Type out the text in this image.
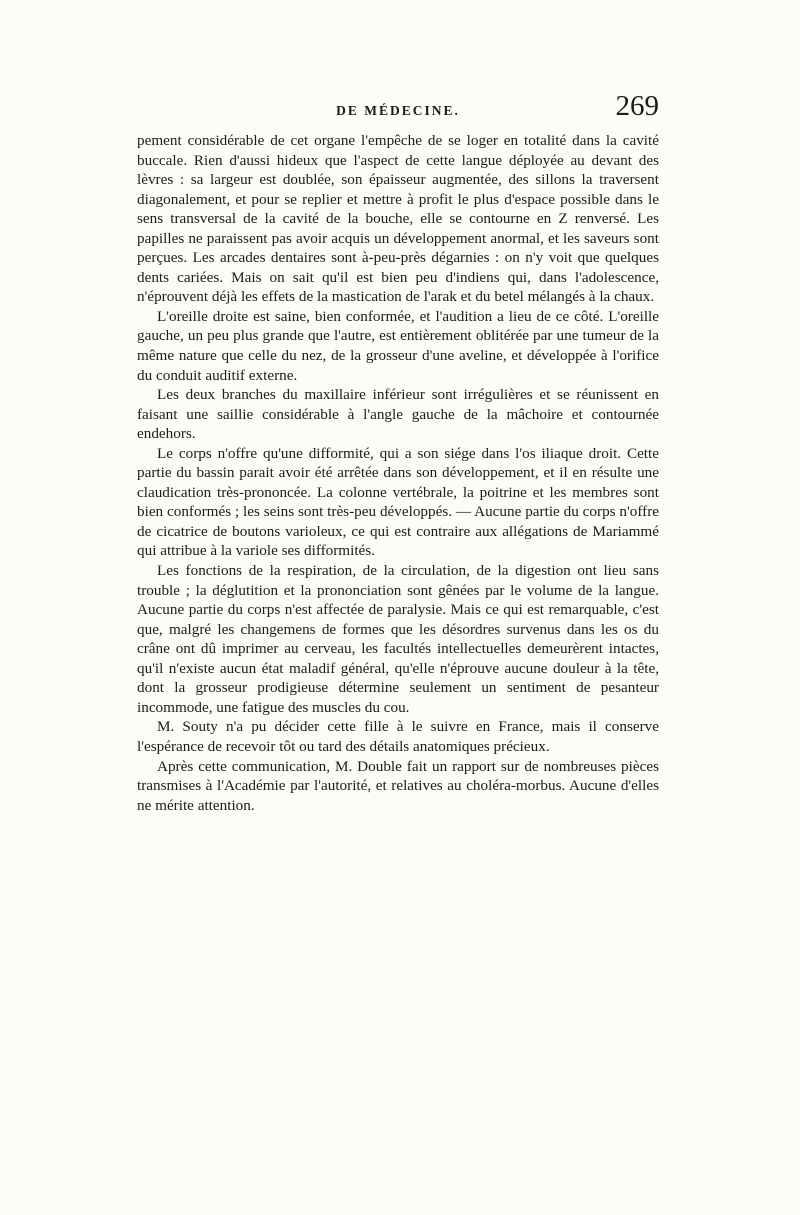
DE MÉDECINE.	269

pement considérable de cet organe l'empêche de se loger en totalité dans la cavité buccale. Rien d'aussi hideux que l'aspect de cette langue déployée au devant des lèvres : sa largeur est doublée, son épaisseur augmentée, des sillons la traversent diagonalement, et pour se replier et mettre à profit le plus d'espace possible dans le sens transversal de la cavité de la bouche, elle se contourne en Z renversé. Les papilles ne paraissent pas avoir acquis un développement anormal, et les saveurs sont perçues. Les arcades dentaires sont à-peu-près dégarnies : on n'y voit que quelques dents cariées. Mais on sait qu'il est bien peu d'indiens qui, dans l'adolescence, n'éprouvent déjà les effets de la mastication de l'arak et du betel mélangés à la chaux.

L'oreille droite est saine, bien conformée, et l'audition a lieu de ce côté. L'oreille gauche, un peu plus grande que l'autre, est entièrement oblitérée par une tumeur de la même nature que celle du nez, de la grosseur d'une aveline, et développée à l'orifice du conduit auditif externe.

Les deux branches du maxillaire inférieur sont irrégulières et se réunissent en faisant une saillie considérable à l'angle gauche de la mâchoire et contournée endehors.

Le corps n'offre qu'une difformité, qui a son siége dans l'os iliaque droit. Cette partie du bassin parait avoir été arrêtée dans son développement, et il en résulte une claudication très-prononcée. La colonne vertébrale, la poitrine et les membres sont bien conformés ; les seins sont très-peu développés. — Aucune partie du corps n'offre de cicatrice de boutons varioleux, ce qui est contraire aux allégations de Mariammé qui attribue à la variole ses difformités.

Les fonctions de la respiration, de la circulation, de la digestion ont lieu sans trouble ; la déglutition et la prononciation sont gênées par le volume de la langue. Aucune partie du corps n'est affectée de paralysie. Mais ce qui est remarquable, c'est que, malgré les changemens de formes que les désordres survenus dans les os du crâne ont dû imprimer au cerveau, les facultés intellectuelles demeurèrent intactes, qu'il n'existe aucun état maladif général, qu'elle n'éprouve aucune douleur à la tête, dont la grosseur prodigieuse détermine seulement un sentiment de pesanteur incommode, une fatigue des muscles du cou.

M. Souty n'a pu décider cette fille à le suivre en France, mais il conserve l'espérance de recevoir tôt ou tard des détails anatomiques précieux.

Après cette communication, M. Double fait un rapport sur de nombreuses pièces transmises à l'Académie par l'autorité, et relatives au choléra-morbus. Aucune d'elles ne mérite attention.
